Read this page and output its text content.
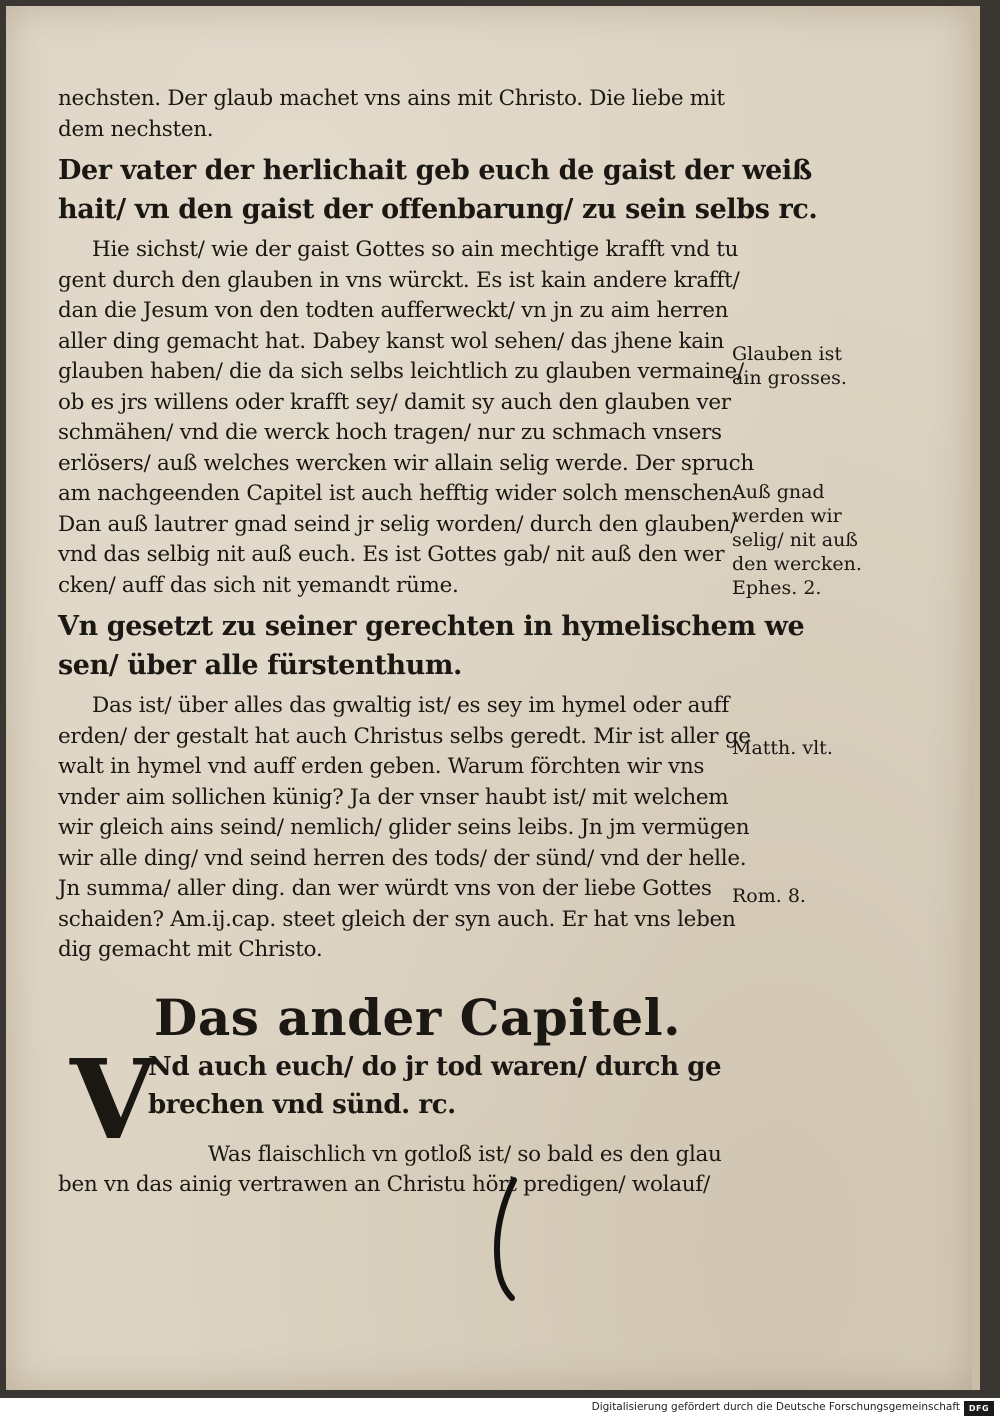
nechsten. Der glaub machet vns ains mit Christo. Die liebe mit
dem nechsten.
Der vater der herlichait geb euch de gaist der weiß
hait/ vn den gaist der offenbarung/ zu sein selbs rc.
Hie sichst/ wie der gaist Gottes so ain mechtige krafft vnd tu
gent durch den glauben in vns würckt. Es ist kain andere krafft/
dan die Jesum von den todten aufferweckt/ vn jn zu aim herren
aller ding gemacht hat. Dabey kanst wol sehen/ das jhene kain
glauben haben/ die da sich selbs leichtlich zu glauben vermaine/
ob es jrs willens oder krafft sey/ damit sy auch den glauben ver
schmähen/ vnd die werck hoch tragen/ nur zu schmach vnsers
erlösers/ auß welches wercken wir allain selig werde. Der spruch
am nachgeenden Capitel ist auch hefftig wider solch menschen.
Dan auß lautrer gnad seind jr selig worden/ durch den glauben/
vnd das selbig nit auß euch. Es ist Gottes gab/ nit auß den wer
cken/ auff das sich nit yemandt rüme.
Vn gesetzt zu seiner gerechten in hymelischem we
sen/ über alle fürstenthum.
Das ist/ über alles das gwaltig ist/ es sey im hymel oder auff
erden/ der gestalt hat auch Christus selbs geredt. Mir ist aller ge
walt in hymel vnd auff erden geben. Warum förchten wir vns
vnder aim sollichen künig? Ja der vnser haubt ist/ mit welchem
wir gleich ains seind/ nemlich/ glider seins leibs. Jn jm vermügen
wir alle ding/ vnd seind herren des tods/ der sünd/ vnd der helle.
Jn summa/ aller ding. dan wer würdt vns von der liebe Gottes
schaiden? Am.ij.cap. steet gleich der syn auch. Er hat vns leben
dig gemacht mit Christo.
Das ander Capitel.
V
Nd auch euch/ do jr tod waren/ durch ge
brechen vnd sünd. rc.
Was flaischlich vn gotloß ist/ so bald es den glau
ben vn das ainig vertrawen an Christu hört predigen/ wolauf/
Glauben ist
ain grosses.
Auß gnad
werden wir
selig/ nit auß
den wercken.
Ephes. 2.
Matth. vlt.
Rom. 8.
Digitalisierung gefördert durch die Deutsche Forschungsgemeinschaft	DFG
